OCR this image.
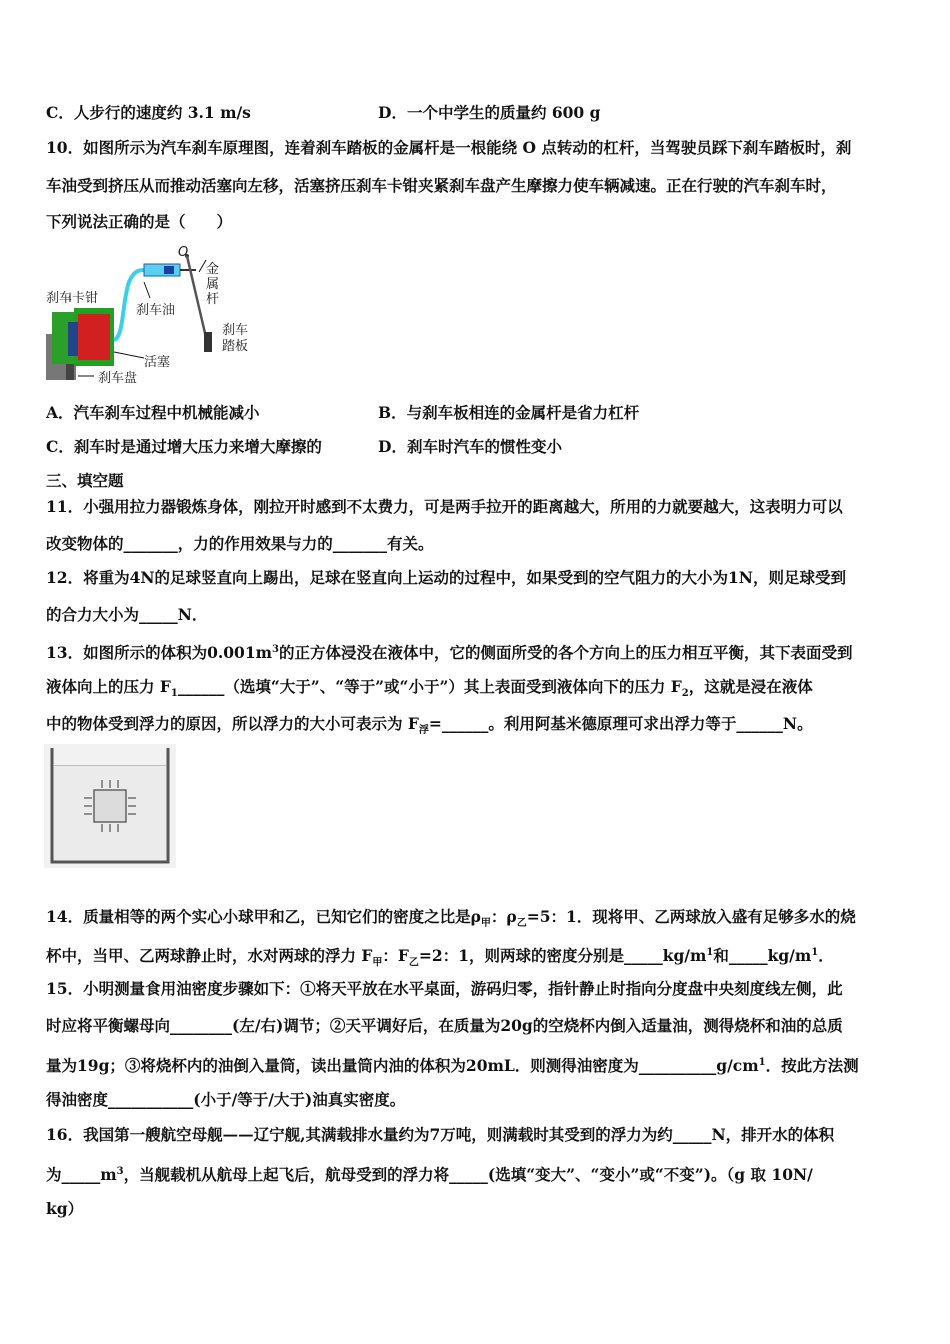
C．人步行的速度约 3.1 m/s	D．一个中学生的质量约 600 g
10．如图所示为汽车刹车原理图，连着刹车踏板的金属杆是一根能绕 O 点转动的杠杆，当驾驶员踩下刹车踏板时，刹
车油受到挤压从而推动活塞向左移，活塞挤压刹车卡钳夹紧刹车盘产生摩擦力使车辆减速。正在行驶的汽车刹车时，
下列说法正确的是（　　）
O
刹车卡钳
刹车油
活塞
刹车盘
刹车
踏板
金属杆
A．汽车刹车过程中机械能减小	B．与刹车板相连的金属杆是省力杠杆
C．刹车时是通过增大压力来增大摩擦的	D．刹车时汽车的惯性变小
三、填空题
11．小强用拉力器锻炼身体，刚拉开时感到不太费力，可是两手拉开的距离越大，所用的力就要越大，这表明力可以
改变物体的_______，力的作用效果与力的_______有关。
12．将重为4N的足球竖直向上踢出，足球在竖直向上运动的过程中，如果受到的空气阻力的大小为1N，则足球受到
的合力大小为_____N．
13．如图所示的体积为$0.001m^3$的正方体浸没在液体中，它的侧面所受的各个方向上的压力相互平衡，其下表面受到
液体向上的压力 $F_1\_\_\_\_\_\_$（选填“大于”、“等于”或“小于”）其上表面受到液体向下的压力 $F_2$，这就是浸在液体
中的物体受到浮力的原因，所以浮力的大小可表示为 $F_浮=\_\_\_\_\_\_$。利用阿基米德原理可求出浮力等于______N。
14．质量相等的两个实心小球甲和乙，已知它们的密度之比是$\rho_甲$：$\rho_乙=5$：1．现将甲、乙两球放入盛有足够多水的烧
杯中，当甲、乙两球静止时，水对两球的浮力 $F_甲$：$F_乙=2$：1，则两球的密度分别是$\_\_\_\_\_kg/m^1$和$\_\_\_\_\_kg/m^1$．
15．小明测量食用油密度步骤如下：①将天平放在水平桌面，游码归零，指针静止时指向分度盘中央刻度线左侧，此
时应将平衡螺母向________(左/右)调节；②天平调好后，在质量为20g的空烧杯内倒入适量油，测得烧杯和油的总质
量为19g；③将烧杯内的油倒入量筒，读出量筒内油的体积为20mL．则测得油密度为$\_\_\_\_\_\_\_\_\_\_g/cm^1$．按此方法测
得油密度___________(小于/等于/大于)油真实密度。
16．我国第一艘航空母舰——辽宁舰,其满载排水量约为7万吨，则满载时其受到的浮力为约_____N，排开水的体积
为$\_\_\_\_\_m^3$，当舰载机从航母上起飞后，航母受到的浮力将_____(选填“变大”、“变小”或“不变”)。（g 取 10N/
kg）
